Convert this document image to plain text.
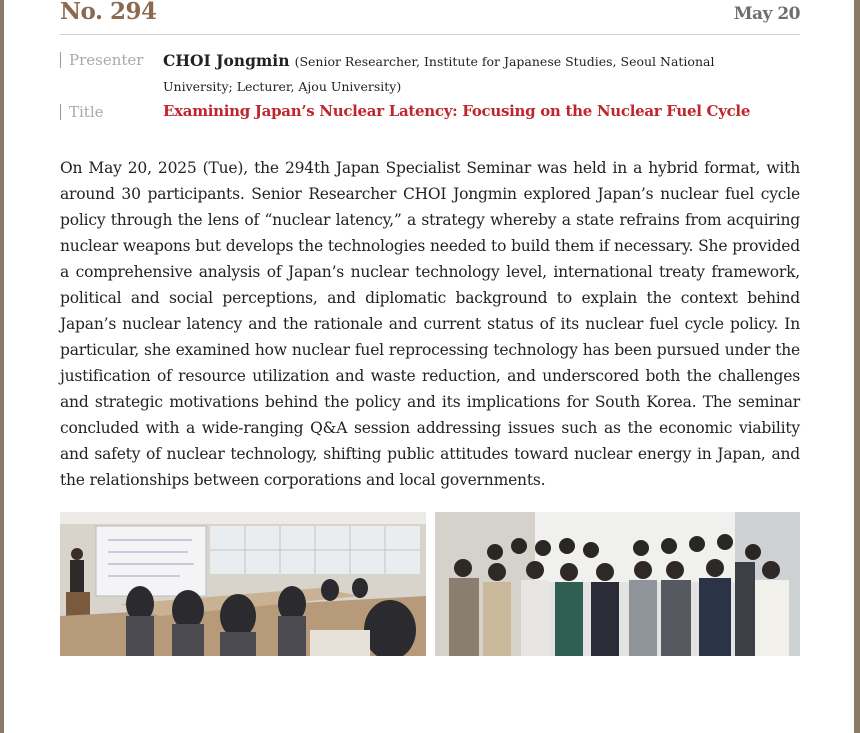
No. 294	May 20
Presenter CHOI Jongmin (Senior Researcher, Institute for Japanese Studies, Seoul National University; Lecturer, Ajou University)
Title	Examining Japan’s Nuclear Latency: Focusing on the Nuclear Fuel Cycle

On May 20, 2025 (Tue), the 294th Japan Specialist Seminar was held in a hybrid format, with around 30 participants. Senior Researcher CHOI Jongmin explored Japan’s nuclear fuel cycle policy through the lens of “nuclear latency,” a strategy whereby a state refrains from acquiring nuclear weapons but develops the technologies needed to build them if necessary. She provided a comprehensive analysis of Japan’s nuclear technology level, international treaty framework, political and social perceptions, and diplomatic background to explain the context behind Japan’s nuclear latency and the rationale and current status of its nuclear fuel cycle policy. In particular, she examined how nuclear fuel reprocessing technology has been pursued under the justification of resource utilization and waste reduction, and underscored both the challenges and strategic motivations behind the policy and its implications for South Korea. The seminar concluded with a wide-ranging Q&A session addressing issues such as the economic viability and safety of nuclear technology, shifting public attitudes toward nuclear energy in Japan, and the relationships between corporations and local governments.
